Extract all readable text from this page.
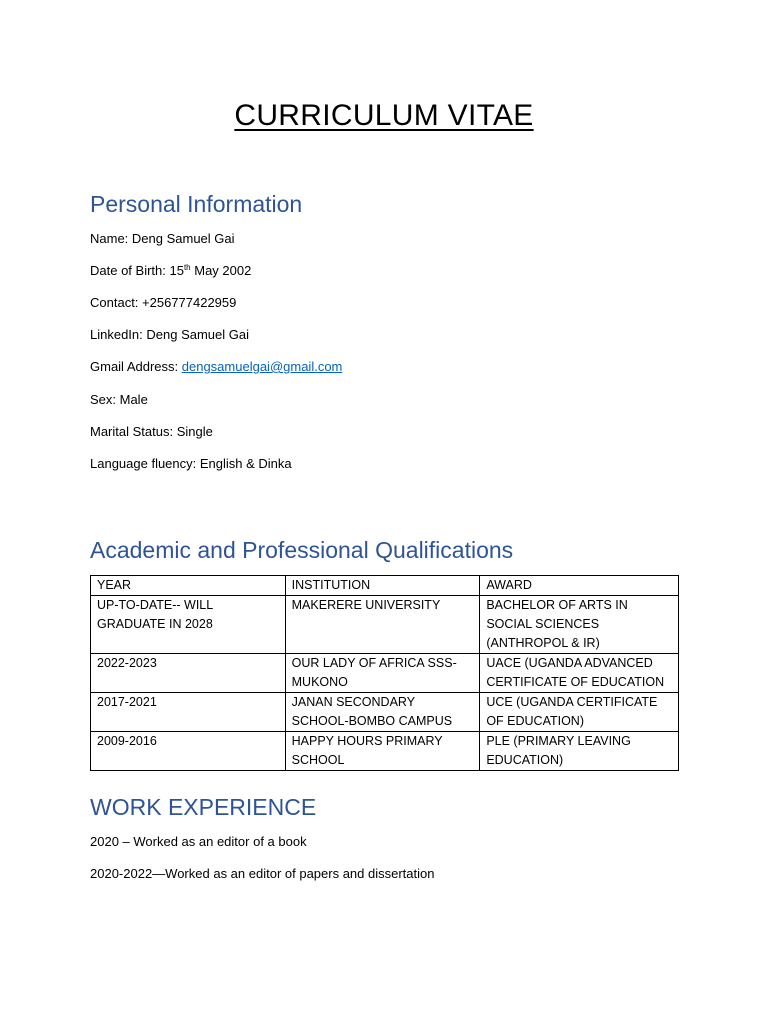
CURRICULUM VITAE
Personal Information

Name: Deng Samuel Gai

Date of Birth: 15th May 2002

Contact: +256777422959

LinkedIn: Deng Samuel Gai

Gmail Address: dengsamuelgai@gmail.com

Sex: Male

Marital Status: Single

Language fluency: English & Dinka

Academic and Professional Qualifications
YEAR	INSTITUTION	AWARD
UP-TO-DATE-- WILL GRADUATE IN 2028	MAKERERE UNIVERSITY	BACHELOR OF ARTS IN SOCIAL SCIENCES (ANTHROPOL & IR)
2022-2023	OUR LADY OF AFRICA SSS-MUKONO	UACE (UGANDA ADVANCED CERTIFICATE OF EDUCATION
2017-2021	JANAN SECONDARY SCHOOL-BOMBO CAMPUS	UCE (UGANDA CERTIFICATE OF EDUCATION)
2009-2016	HAPPY HOURS PRIMARY SCHOOL	PLE (PRIMARY LEAVING EDUCATION)
WORK EXPERIENCE

2020 – Worked as an editor of a book

2020-2022—Worked as an editor of papers and dissertation
